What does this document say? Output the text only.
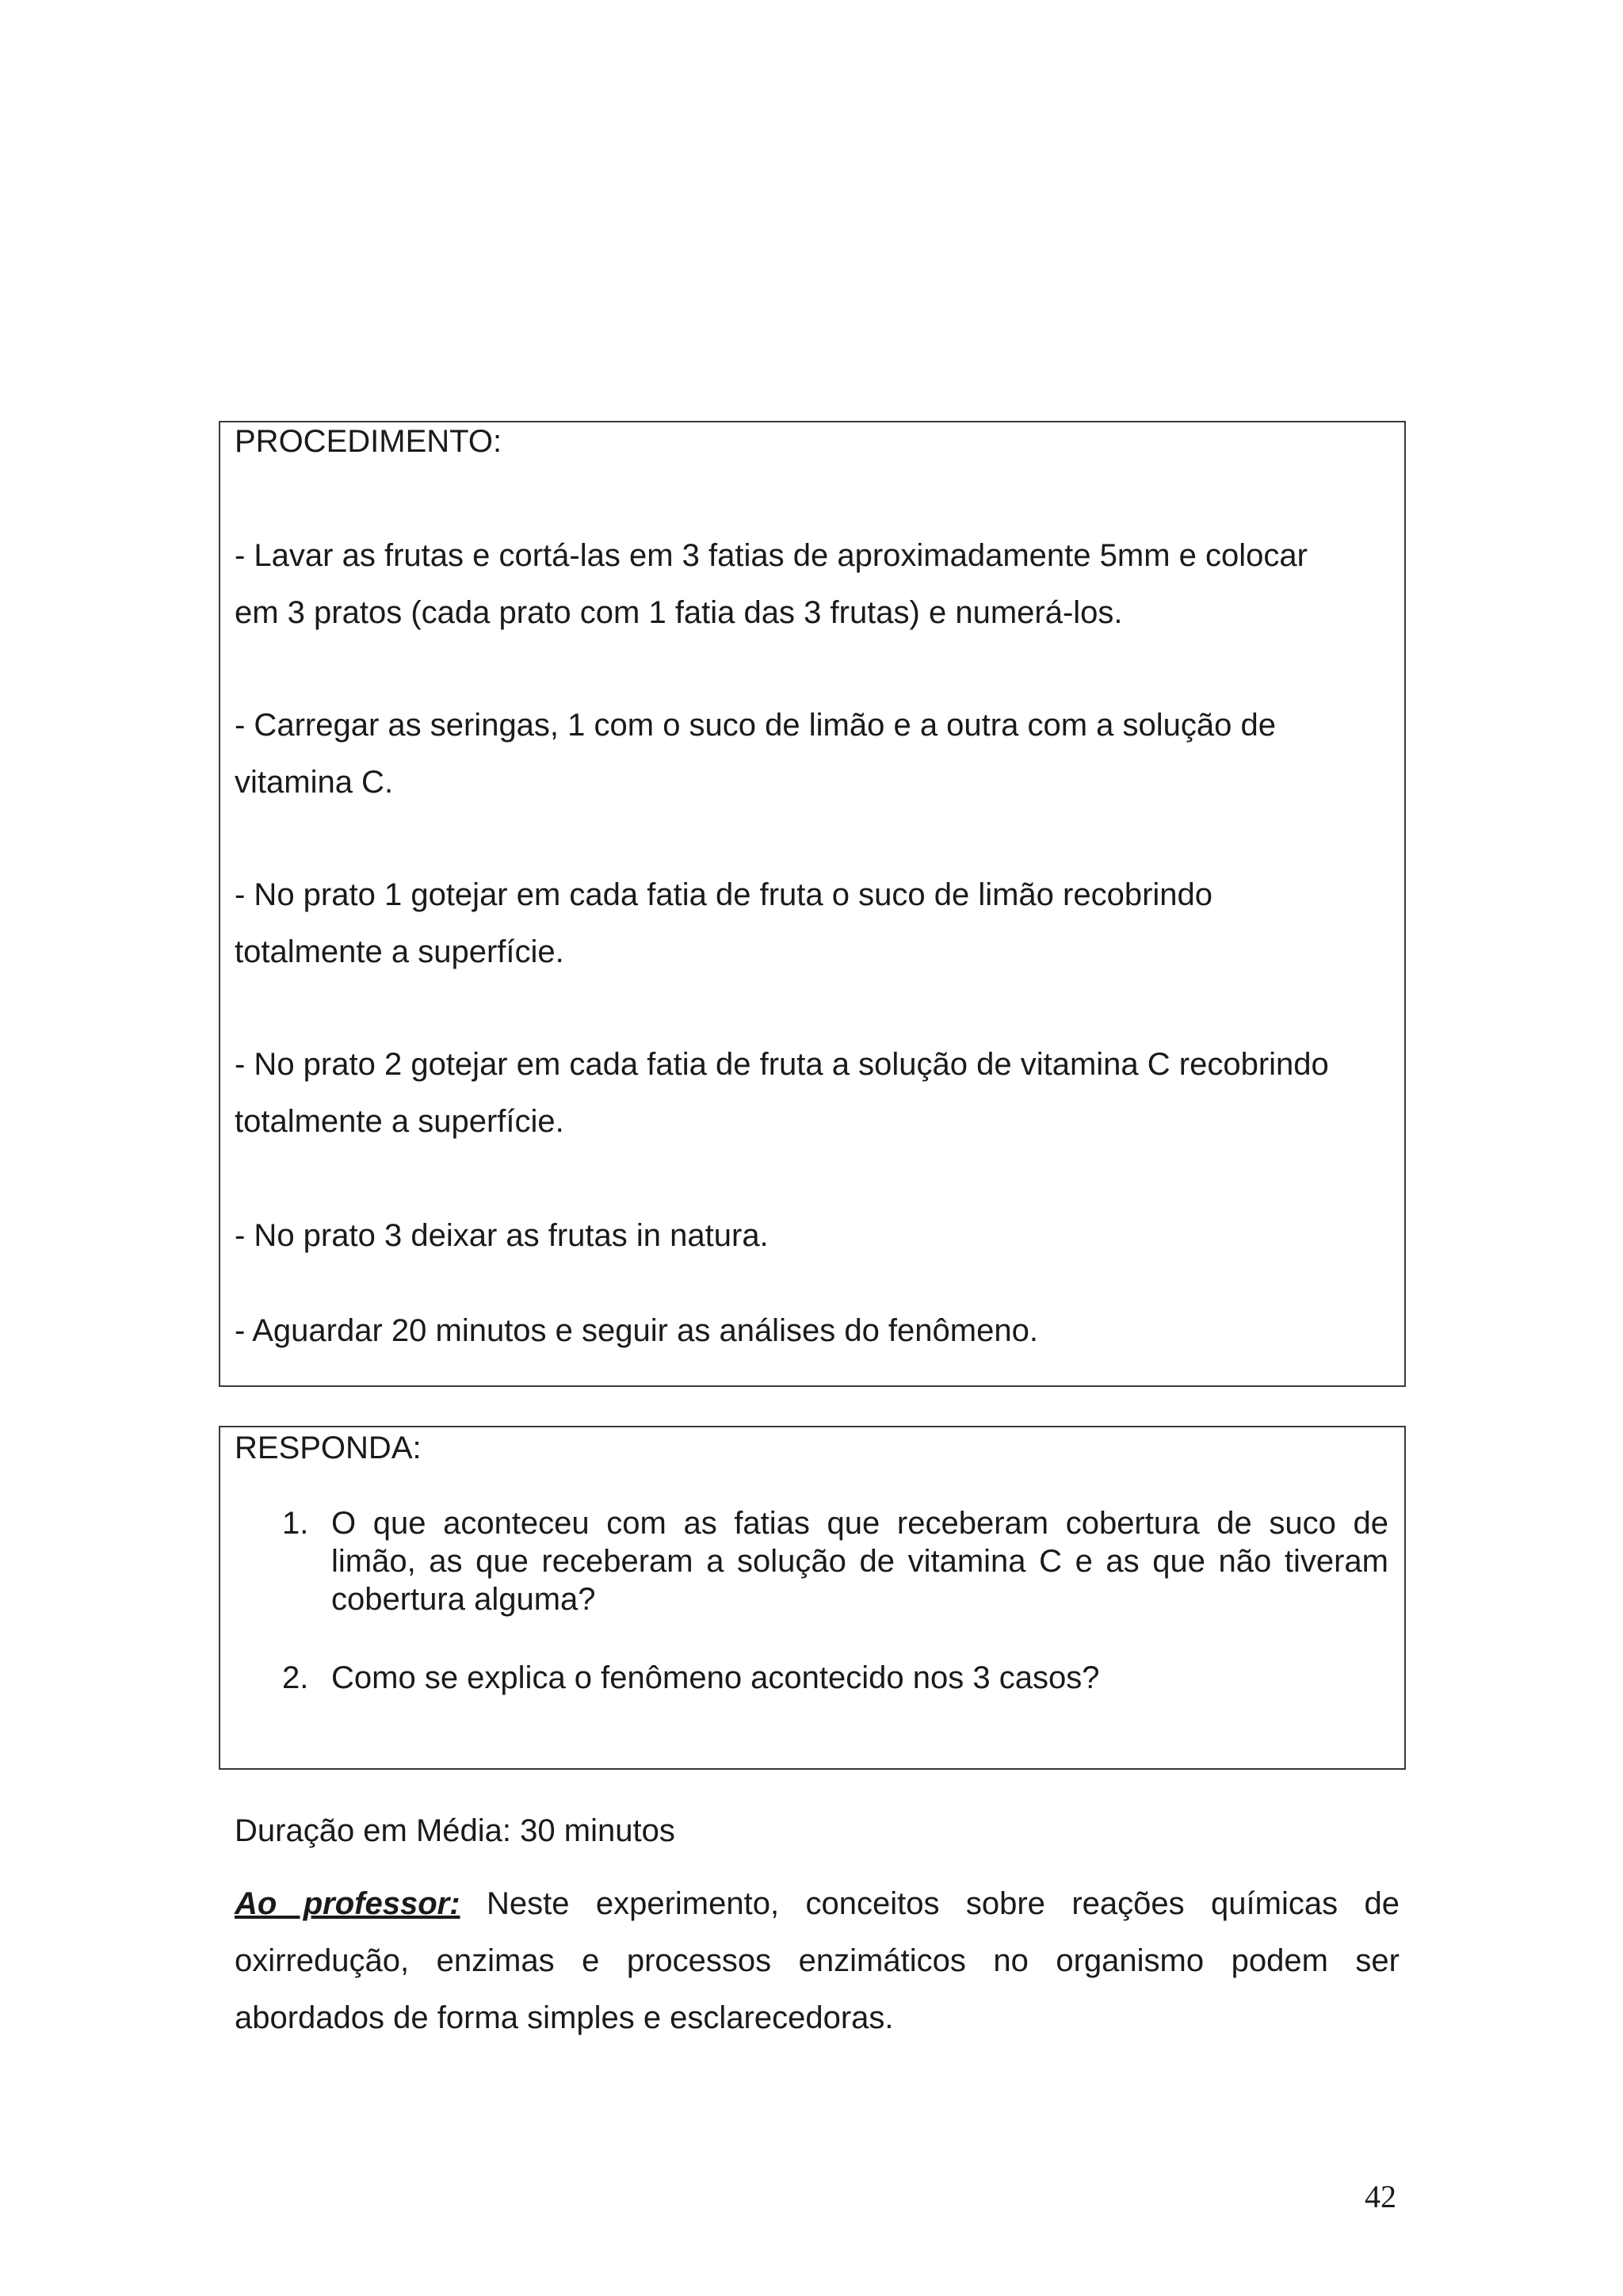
PROCEDIMENTO:

- Lavar as frutas e cortá-las em 3 fatias de aproximadamente 5mm e colocar

em 3 pratos (cada prato com 1 fatia das 3 frutas) e numerá-los.

- Carregar as seringas, 1 com o suco de limão e a outra com a solução de

vitamina C.

- No prato 1 gotejar em cada fatia de fruta o suco de limão recobrindo

totalmente a superfície.

- No prato 2 gotejar em cada fatia de fruta a solução de vitamina C recobrindo

totalmente a superfície.

- No prato 3 deixar as frutas in natura.

- Aguardar 20 minutos e seguir as análises do fenômeno.

RESPONDA:

1. O que aconteceu com as fatias que receberam cobertura de suco de limão, as que receberam a solução de vitamina C e as que não tiveram cobertura alguma?
2. Como se explica o fenômeno acontecido nos 3 casos?

Duração em Média: 30 minutos

Ao professor: Neste experimento, conceitos sobre reações químicas de oxirredução, enzimas e processos enzimáticos no organismo podem ser abordados de forma simples e esclarecedoras.

42
